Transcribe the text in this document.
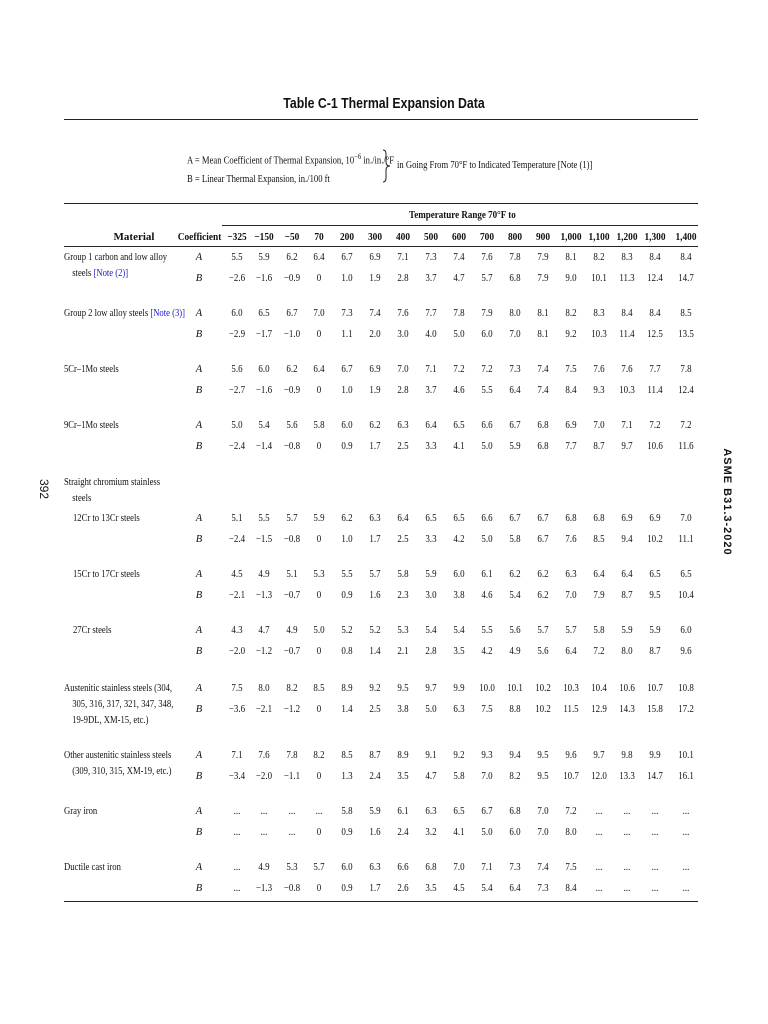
Table C-1 Thermal Expansion Data
A = Mean Coefficient of Thermal Expansion, $10^{-6}$ in./in./°F
B = Linear Thermal Expansion, in./100 ft
in Going From 70°F to Indicated Temperature [Note (1)]
Temperature Range 70°F to
Material	Coefficient −325 −150 −50	70	200	300	400	500	600	700	800	900 1,000 1,100 1,200 1,300 1,400
Group 1 carbon and low alloy
steels [Note (2)]
A	5.5	5.9	6.2	6.4	6.7	6.9	7.1	7.3	7.4	7.6	7.8	7.9	8.1	8.2	8.3	8.4	8.4
B	−2.6	−1.6	−0.9	0	1.0	1.9	2.8	3.7	4.7	5.7	6.8	7.9	9.0	10.1	11.3	12.4	14.7
Group 2 low alloy steels [Note (3)]	A	6.0	6.5	6.7	7.0	7.3	7.4	7.6	7.7	7.8	7.9	8.0	8.1	8.2	8.3	8.4	8.4	8.5
B	−2.9	−1.7	−1.0	0	1.1	2.0	3.0	4.0	5.0	6.0	7.0	8.1	9.2	10.3	11.4	12.5	13.5
5Cr–1Mo steels	A	5.6	6.0	6.2	6.4	6.7	6.9	7.0	7.1	7.2	7.2	7.3	7.4	7.5	7.6	7.6	7.7	7.8
B	−2.7	−1.6	−0.9	0	1.0	1.9	2.8	3.7	4.6	5.5	6.4	7.4	8.4	9.3	10.3	11.4	12.4
9Cr–1Mo steels	A	5.0	5.4	5.6	5.8	6.0	6.2	6.3	6.4	6.5	6.6	6.7	6.8	6.9	7.0	7.1	7.2	7.2
B	−2.4	−1.4	−0.8	0	0.9	1.7	2.5	3.3	4.1	5.0	5.9	6.8	7.7	8.7	9.7	10.6	11.6
Straight chromium stainless
steels
12Cr to 13Cr steels	A	5.1	5.5	5.7	5.9	6.2	6.3	6.4	6.5	6.5	6.6	6.7	6.7	6.8	6.8	6.9	6.9	7.0
B	−2.4	−1.5	−0.8	0	1.0	1.7	2.5	3.3	4.2	5.0	5.8	6.7	7.6	8.5	9.4	10.2	11.1
15Cr to 17Cr steels	A	4.5	4.9	5.1	5.3	5.5	5.7	5.8	5.9	6.0	6.1	6.2	6.2	6.3	6.4	6.4	6.5	6.5
B	−2.1	−1.3	−0.7	0	0.9	1.6	2.3	3.0	3.8	4.6	5.4	6.2	7.0	7.9	8.7	9.5	10.4
27Cr steels	A	4.3	4.7	4.9	5.0	5.2	5.2	5.3	5.4	5.4	5.5	5.6	5.7	5.7	5.8	5.9	5.9	6.0
B	−2.0	−1.2	−0.7	0	0.8	1.4	2.1	2.8	3.5	4.2	4.9	5.6	6.4	7.2	8.0	8.7	9.6
Austenitic stainless steels (304,
305, 316, 317, 321, 347, 348,
19-9DL, XM-15, etc.)
A	7.5	8.0	8.2	8.5	8.9	9.2	9.5	9.7	9.9	10.0	10.1	10.2	10.3	10.4	10.6	10.7	10.8
B	−3.6	−2.1	−1.2	0	1.4	2.5	3.8	5.0	6.3	7.5	8.8	10.2	11.5	12.9	14.3	15.8	17.2
Other austenitic stainless steels
(309, 310, 315, XM-19, etc.)
A	7.1	7.6	7.8	8.2	8.5	8.7	8.9	9.1	9.2	9.3	9.4	9.5	9.6	9.7	9.8	9.9	10.1
B	−3.4	−2.0	−1.1	0	1.3	2.4	3.5	4.7	5.8	7.0	8.2	9.5	10.7	12.0	13.3	14.7	16.1
Gray iron	A	...	...	...	...	5.8	5.9	6.1	6.3	6.5	6.7	6.8	7.0	7.2	...	...	...	...
B	...	...	...	0	0.9	1.6	2.4	3.2	4.1	5.0	6.0	7.0	8.0	...	...	...	...
Ductile cast iron	A	...	4.9	5.3	5.7	6.0	6.3	6.6	6.8	7.0	7.1	7.3	7.4	7.5	...	...	...	...
B	...	−1.3	−0.8	0	0.9	1.7	2.6	3.5	4.5	5.4	6.4	7.3	8.4	...	...	...	...
392	ASME B31.3-2020
